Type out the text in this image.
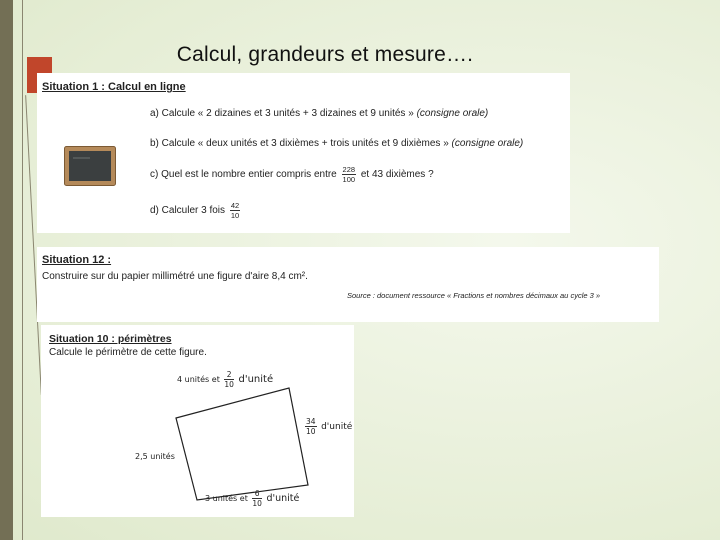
Calcul, grandeurs et mesure….
Situation 1 : Calcul en ligne
a) Calcule « 2 dizaines et 3 unités + 3 dizaines et 9 unités » (consigne orale)
b) Calcule « deux unités et 3 dixièmes + trois unités et 9 dixièmes » (consigne orale)
c) Quel est le nombre entier compris entre $\frac{228}{100}$ et 43 dixièmes ?
d) Calculer 3 fois $\frac{42}{10}$
Situation 12 :
Construire sur du papier millimétré une figure d'aire 8,4 cm².
Source : document ressource « Fractions et nombres décimaux au cycle 3 »
Situation 10 : périmètres
Calcule le périmètre de cette figure.
4 unités et $\frac{2}{10}$ d'unité
$\frac{34}{10}$ d'unité
2,5 unités
3 unités et $\frac{6}{10}$ d'unité
